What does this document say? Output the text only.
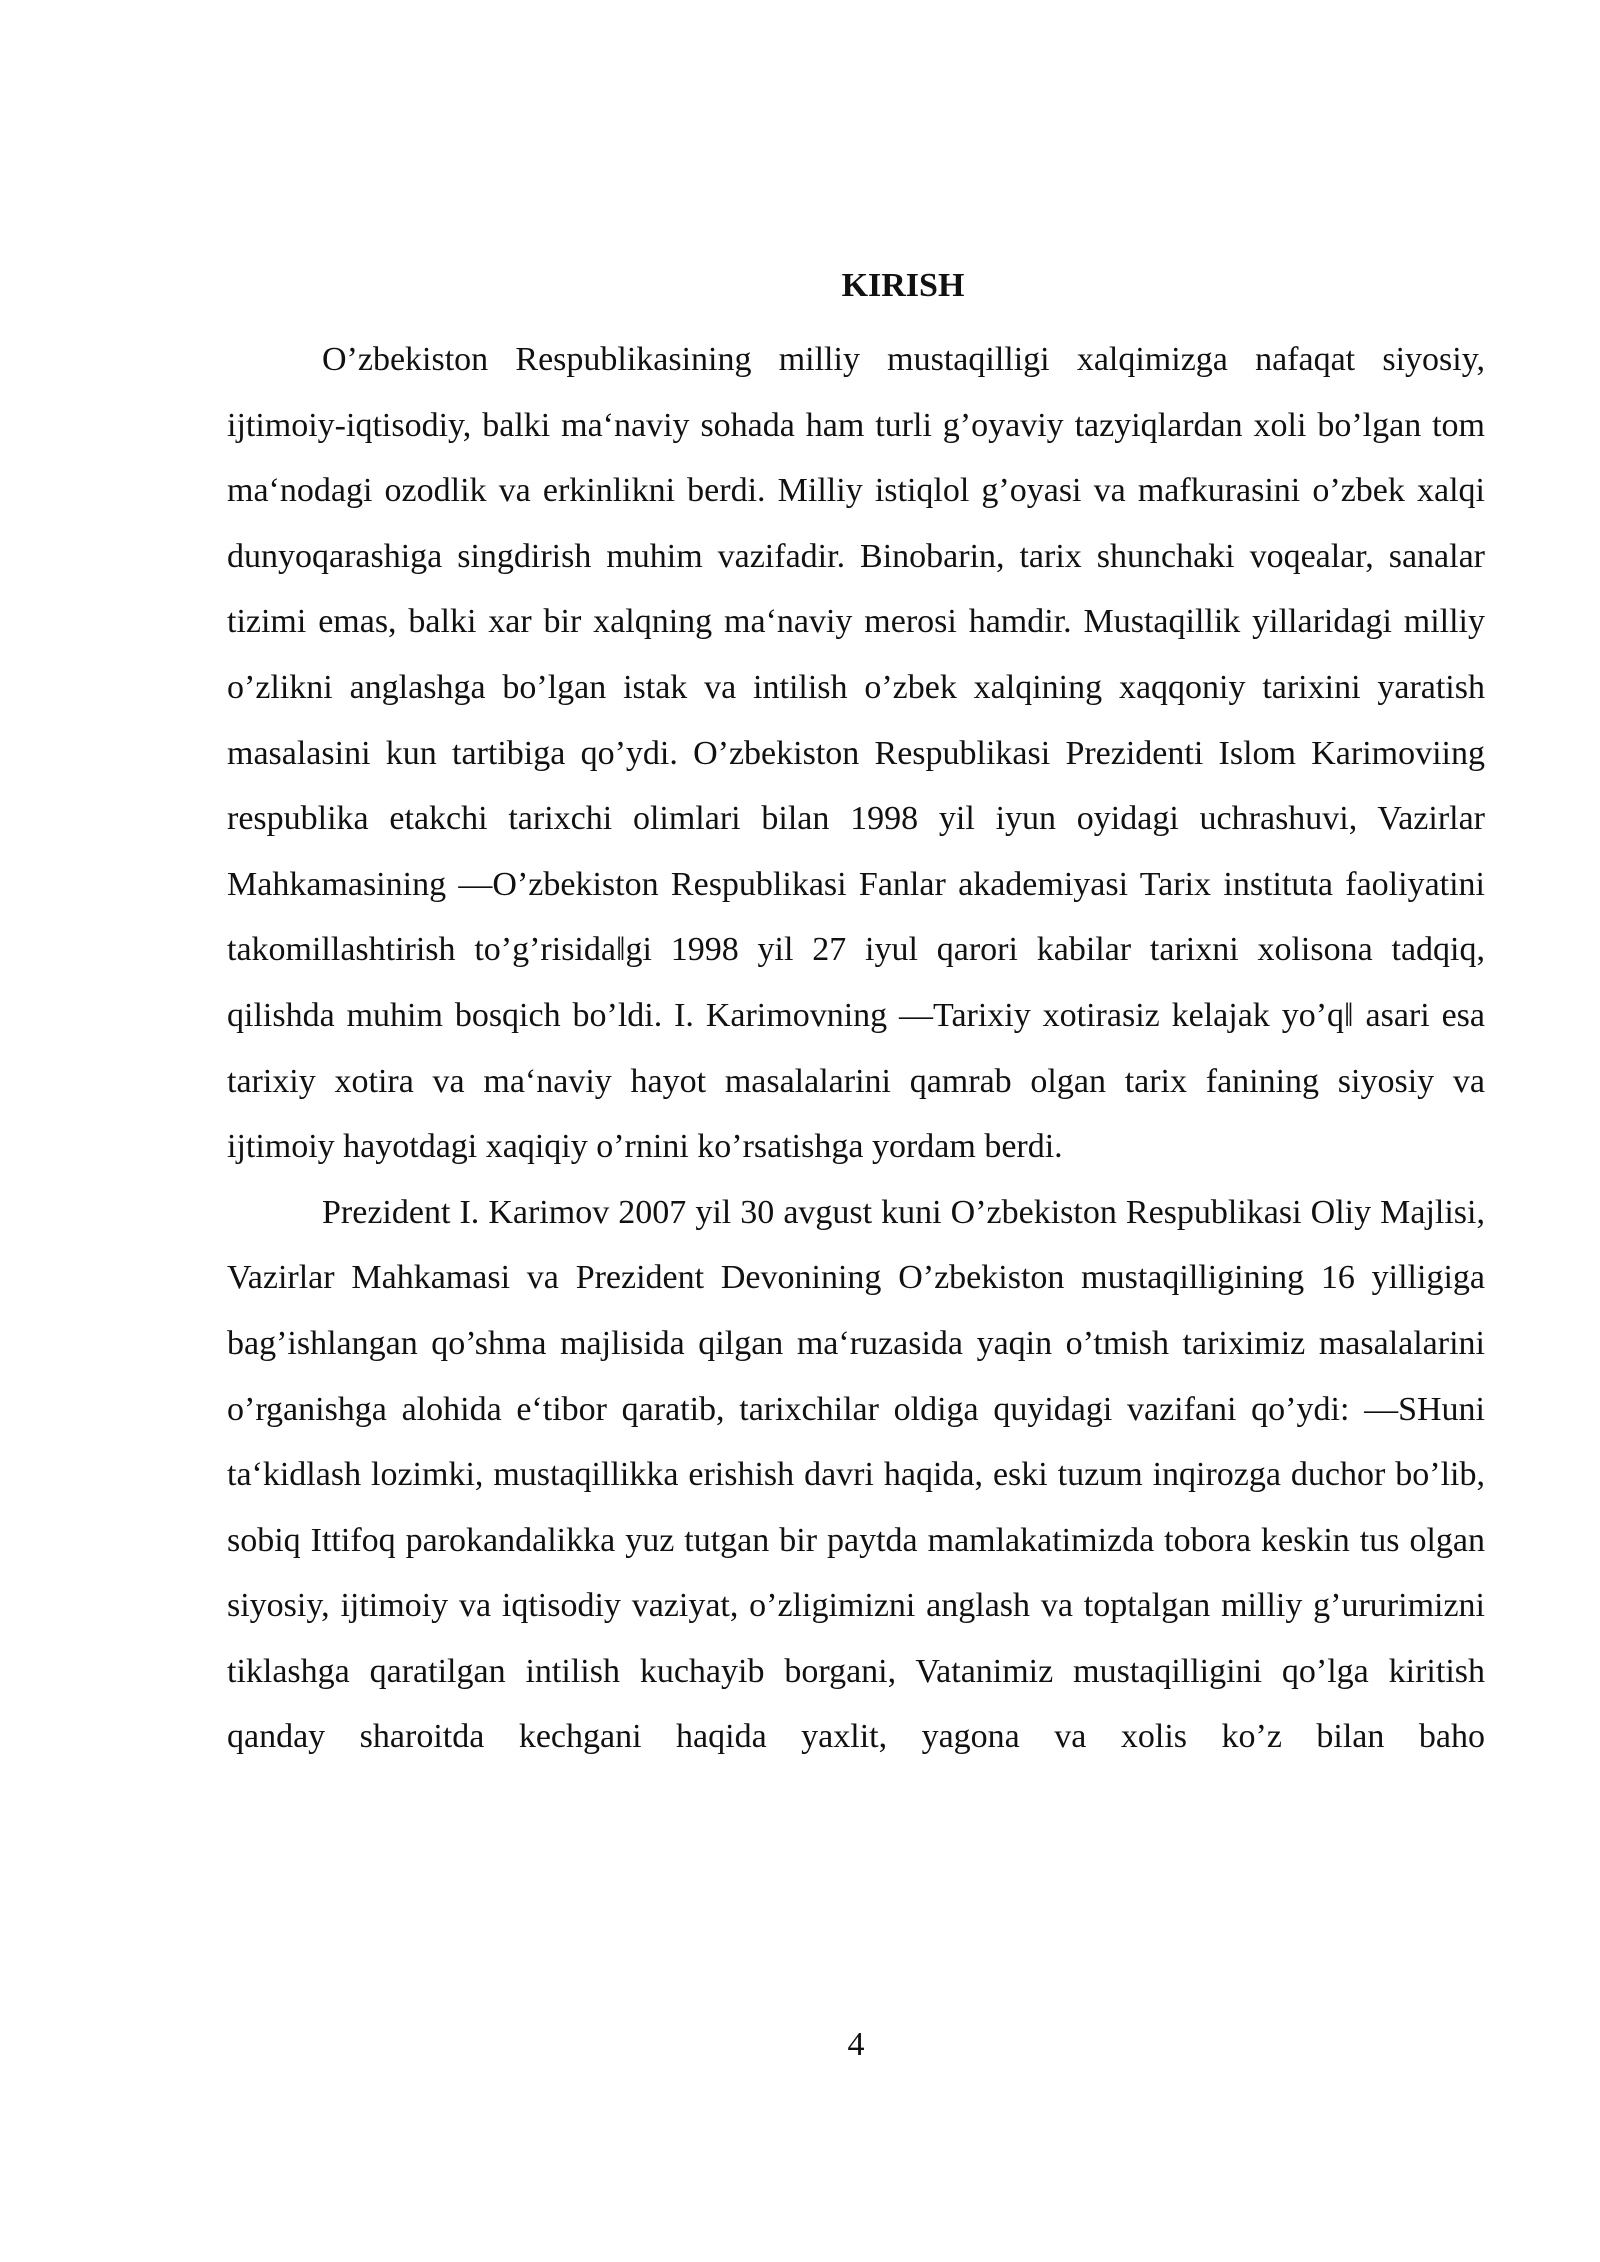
KIRISH

O’zbekiston Respublikasining milliy mustaqilligi xalqimizga nafaqat siyosiy, ijtimoiy-iqtisodiy, balki ma‘naviy sohada ham turli g’oyaviy tazyiqlardan xoli bo’lgan tom ma‘nodagi ozodlik va erkinlikni berdi. Milliy istiqlol g’oyasi va mafkurasini o’zbek xalqi dunyoqarashiga singdirish muhim vazifadir. Binobarin, tarix shunchaki voqealar, sanalar tizimi emas, balki xar bir xalqning ma‘naviy merosi hamdir. Mustaqillik yillaridagi milliy o’zlikni anglashga bo’lgan istak va intilish o’zbek xalqining xaqqoniy tarixini yaratish masalasini kun tartibiga qo’ydi. O’zbekiston Respublikasi Prezidenti Islom Karimoviing respublika etakchi tarixchi olimlari bilan 1998 yil iyun oyidagi uchrashuvi, Vazirlar Mahkamasining ―O’zbekiston Respublikasi Fanlar akademiyasi Tarix instituta faoliyatini takomillashtirish to’g’risida‖gi 1998 yil 27 iyul qarori kabilar tarixni xolisona tadqiq, qilishda muhim bosqich bo’ldi. I. Karimovning ―Tarixiy xotirasiz kelajak yo’q‖ asari esa tarixiy xotira va ma‘naviy hayot masalalarini qamrab olgan tarix fanining siyosiy va ijtimoiy hayotdagi xaqiqiy o’rnini ko’rsatishga yordam berdi.

Prezident I. Karimov 2007 yil 30 avgust kuni O’zbekiston Respublikasi Oliy Majlisi, Vazirlar Mahkamasi va Prezident Devonining O’zbekiston mustaqilligining 16 yilligiga bag’ishlangan qo’shma majlisida qilgan ma‘ruzasida yaqin o’tmish tariximiz masalalarini o’rganishga alohida e‘tibor qaratib, tarixchilar oldiga quyidagi vazifani qo’ydi: ―SHuni ta‘kidlash lozimki, mustaqillikka erishish davri haqida, eski tuzum inqirozga duchor bo’lib, sobiq Ittifoq parokandalikka yuz tutgan bir paytda mamlakatimizda tobora keskin tus olgan siyosiy, ijtimoiy va iqtisodiy vaziyat, o’zligimizni anglash va toptalgan milliy g’ururimizni tiklashga qaratilgan intilish kuchayib borgani, Vatanimiz mustaqilligini qo’lga kiritish qanday sharoitda kechgani haqida yaxlit, yagona va xolis ko’z bilan baho

4
